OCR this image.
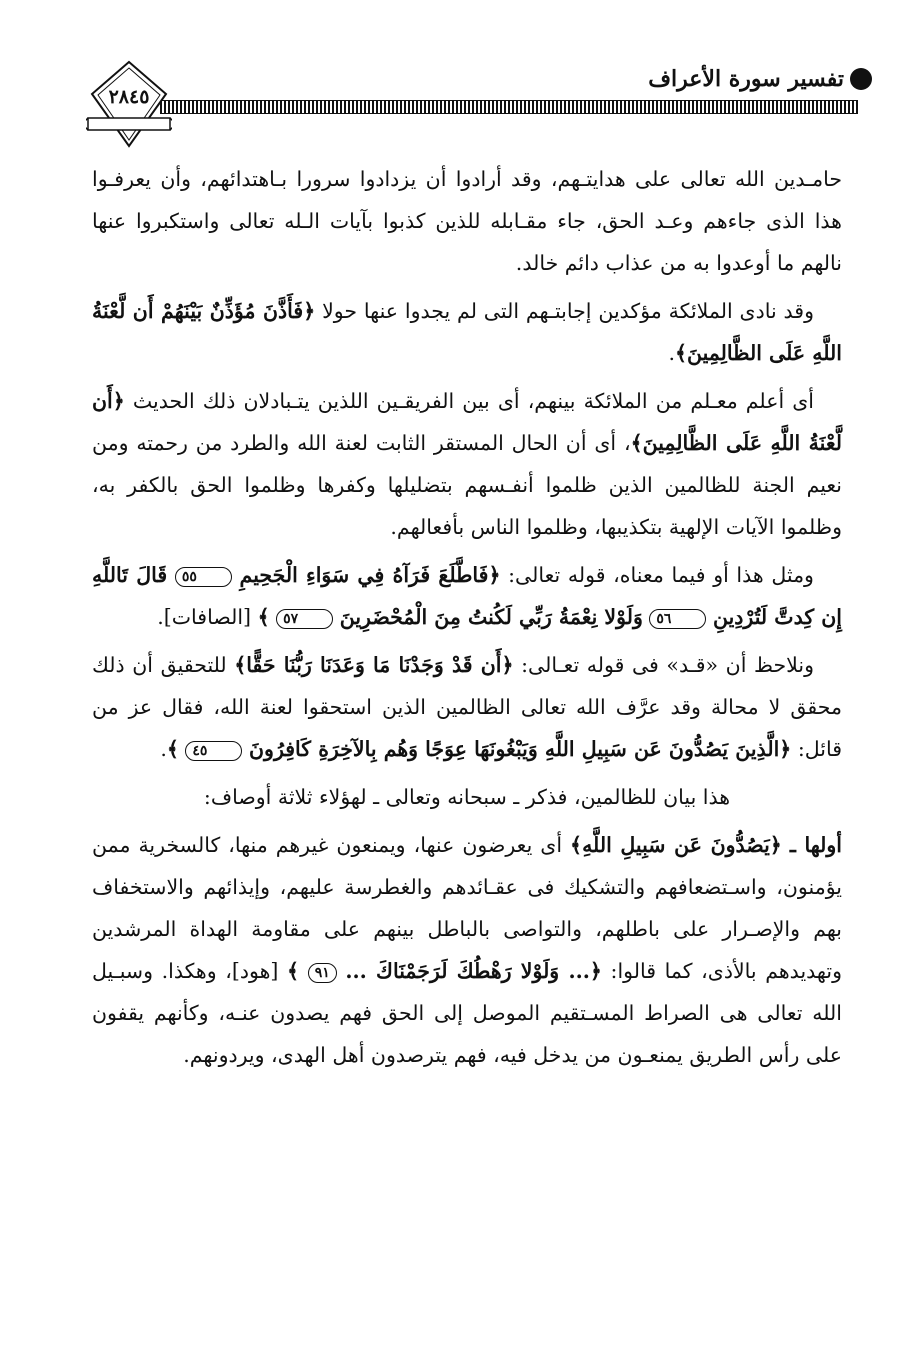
تفسير سورة الأعراف
٢٨٤٥

حامـدين الله تعالى على هدايتـهم، وقد أرادوا أن يزدادوا سرورا بـاهتدائهم، وأن يعرفـوا هذا الذى جاءهم وعـد الحق، جاء مقـابله للذين كذبوا بآيات الـله تعالى واستكبروا عنها نالهم ما أوعدوا به من عذاب دائم خالد.

وقد نادى الملائكة مؤكدين إجابتـهم التى لم يجدوا عنها حولا ﴿فَأَذَّنَ مُؤَذِّنٌ بَيْنَهُمْ أَن لَّعْنَةُ اللَّهِ عَلَى الظَّالِمِينَ﴾.

أى أعلم معـلم من الملائكة بينهم، أى بين الفريقـين اللذين يتـبادلان ذلك الحديث ﴿أَن لَّعْنَةُ اللَّهِ عَلَى الظَّالِمِينَ﴾، أى أن الحال المستقر الثابت لعنة الله والطرد من رحمته ومن نعيم الجنة للظالمين الذين ظلموا أنفـسهم بتضليلها وكفرها وظلموا الحق بالكفر به، وظلموا الآيات الإلهية بتكذيبها، وظلموا الناس بأفعالهم.

ومثل هذا أو فيما معناه، قوله تعالى: ﴿فَاطَّلَعَ فَرَآهُ فِي سَوَاءِ الْجَحِيمِ ٥٥ قَالَ تَاللَّهِ إِن كِدتَّ لَتُرْدِينِ ٥٦ وَلَوْلا نِعْمَةُ رَبِّي لَكُنتُ مِنَ الْمُحْضَرِينَ ٥٧ ﴾ [الصافات].

ونلاحظ أن «قـد» فى قوله تعـالى: ﴿أَن قَدْ وَجَدْنَا مَا وَعَدَنَا رَبُّنَا حَقًّا﴾ للتحقيق أن ذلك محقق لا محالة وقد عرَّف الله تعالى الظالمين الذين استحقوا لعنة الله، فقال عز من قائل: ﴿الَّذِينَ يَصُدُّونَ عَن سَبِيلِ اللَّهِ وَيَبْغُونَهَا عِوَجًا وَهُم بِالآخِرَةِ كَافِرُونَ ٤٥ ﴾.

هذا بيان للظالمين، فذكر ـ سبحانه وتعالى ـ لهؤلاء ثلاثة أوصاف:

أولها ـ ﴿يَصُدُّونَ عَن سَبِيلِ اللَّهِ﴾ أى يعرضون عنها، ويمنعون غيرهم منها، كالسخرية ممن يؤمنون، واسـتضعافهم والتشكيك فى عقـائدهم والغطرسة عليهم، وإيذائهم والاستخفاف بهم والإصـرار على باطلهم، والتواصى بالباطل بينهم على مقاومة الهداة المرشدين وتهديدهم بالأذى، كما قالوا: ﴿... وَلَوْلا رَهْطُكَ لَرَجَمْنَاكَ ... ٩١ ﴾ [هود]، وهكذا. وسبـيل الله تعالى هى الصراط المسـتقيم الموصل إلى الحق فهم يصدون عنـه، وكأنهم يقفون على رأس الطريق يمنعـون من يدخل فيه، فهم يترصدون أهل الهدى، ويردونهم.
